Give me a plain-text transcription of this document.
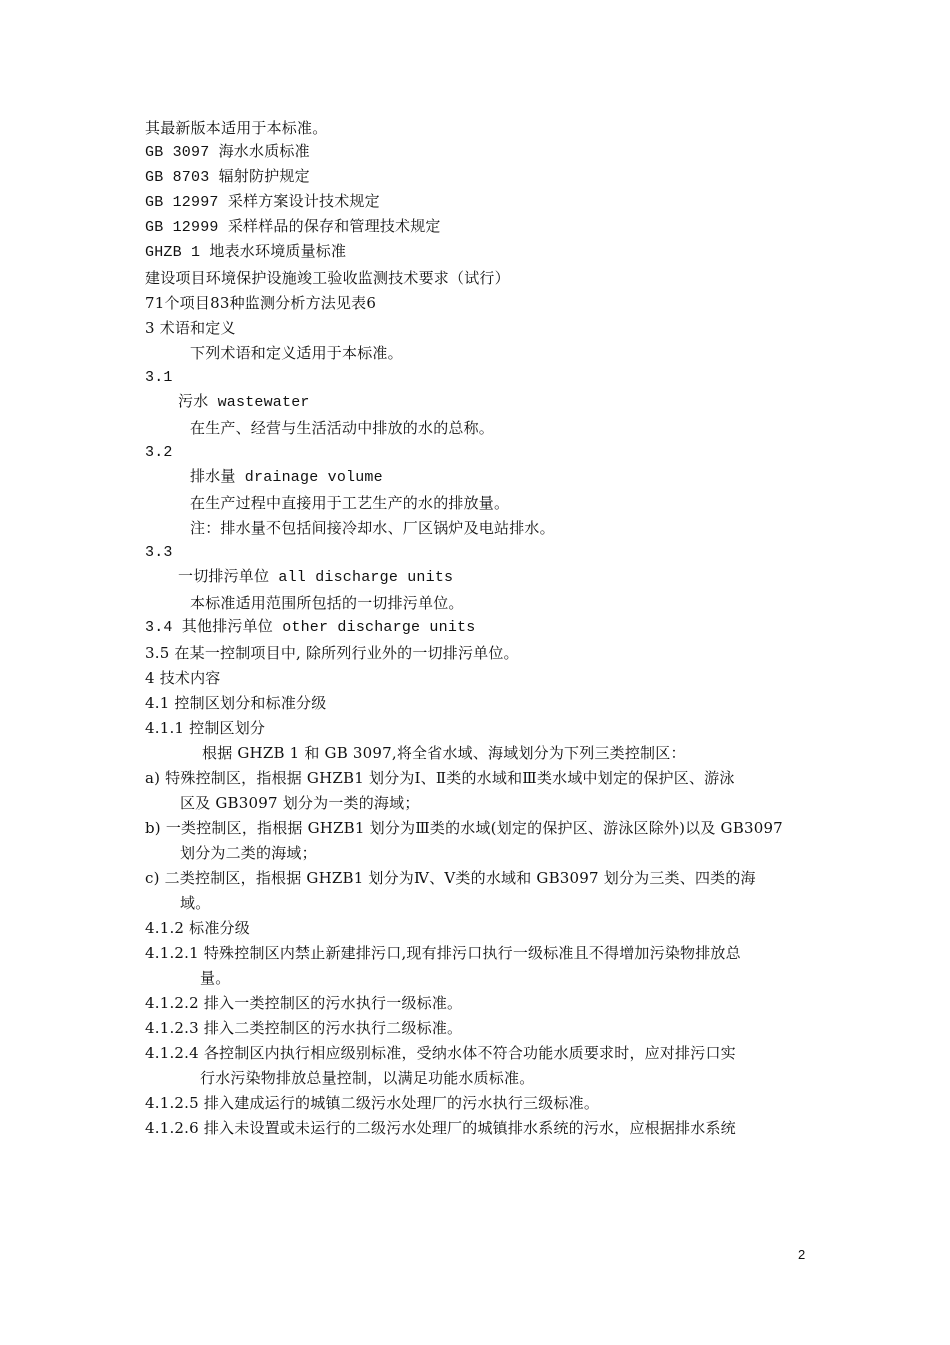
其最新版本适用于本标准。
GB 3097 海水水质标准
GB 8703 辐射防护规定
GB 12997 采样方案设计技术规定
GB 12999 采样样品的保存和管理技术规定
GHZB 1 地表水环境质量标准
建设项目环境保护设施竣工验收监测技术要求（试行）
71个项目83种监测分析方法见表6
3 术语和定义
下列术语和定义适用于本标准。
3.1
污水 wastewater
在生产、经营与生活活动中排放的水的总称。
3.2
排水量 drainage volume
在生产过程中直接用于工艺生产的水的排放量。
注：排水量不包括间接冷却水、厂区锅炉及电站排水。
3.3
一切排污单位 all discharge units
本标准适用范围所包括的一切排污单位。
3.4 其他排污单位 other discharge units
3.5 在某一控制项目中, 除所列行业外的一切排污单位。
4 技术内容
4.1 控制区划分和标准分级
4.1.1 控制区划分
根据 GHZB 1 和 GB 3097,将全省水域、海域划分为下列三类控制区：
a) 特殊控制区，指根据 GHZB1 划分为Ⅰ、Ⅱ类的水域和Ⅲ类水域中划定的保护区、游泳
区及 GB3097 划分为一类的海域；
b) 一类控制区，指根据 GHZB1 划分为Ⅲ类的水域(划定的保护区、游泳区除外)以及 GB3097
划分为二类的海域；
c) 二类控制区，指根据 GHZB1 划分为Ⅳ、Ⅴ类的水域和 GB3097 划分为三类、四类的海
域。
4.1.2 标准分级
4.1.2.1 特殊控制区内禁止新建排污口,现有排污口执行一级标准且不得增加污染物排放总
量。
4.1.2.2 排入一类控制区的污水执行一级标准。
4.1.2.3 排入二类控制区的污水执行二级标准。
4.1.2.4 各控制区内执行相应级别标准，受纳水体不符合功能水质要求时，应对排污口实
行水污染物排放总量控制，以满足功能水质标准。
4.1.2.5 排入建成运行的城镇二级污水处理厂的污水执行三级标准。
4.1.2.6 排入未设置或未运行的二级污水处理厂的城镇排水系统的污水，应根据排水系统
2
